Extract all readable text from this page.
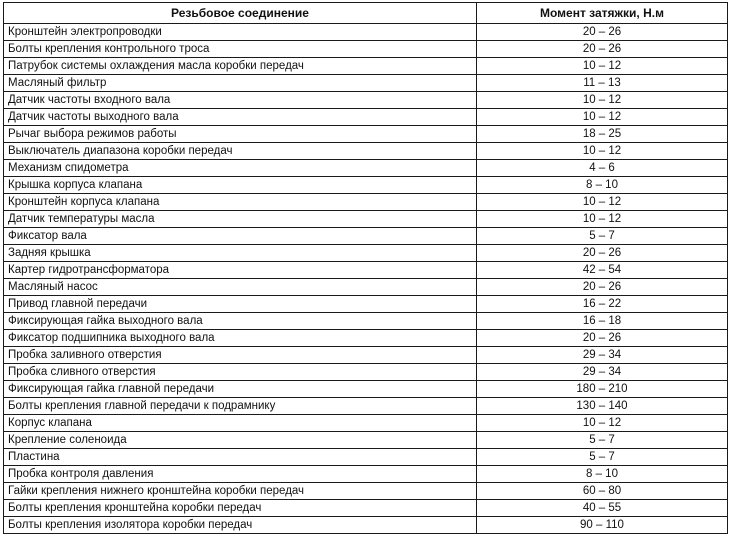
Резьбовое соединение	Момент затяжки, Н.м
Кронштейн электропроводки	20 – 26
Болты крепления контрольного троса	20 – 26
Патрубок системы охлаждения масла коробки передач	10 – 12
Масляный фильтр	11 – 13
Датчик частоты входного вала	10 – 12
Датчик частоты выходного вала	10 – 12
Рычаг выбора режимов работы	18 – 25
Выключатель диапазона коробки передач	10 – 12
Механизм спидометра	4 – 6
Крышка корпуса клапана	8 – 10
Кронштейн корпуса клапана	10 – 12
Датчик температуры масла	10 – 12
Фиксатор вала	5 – 7
Задняя крышка	20 – 26
Картер гидротрансформатора	42 – 54
Масляный насос	20 – 26
Привод главной передачи	16 – 22
Фиксирующая гайка выходного вала	16 – 18
Фиксатор подшипника выходного вала	20 – 26
Пробка заливного отверстия	29 – 34
Пробка сливного отверстия	29 – 34
Фиксирующая гайка главной передачи	180 – 210
Болты крепления главной передачи к подрамнику	130 – 140
Корпус клапана	10 – 12
Крепление соленоида	5 – 7
Пластина	5 – 7
Пробка контроля давления	8 – 10
Гайки крепления нижнего кронштейна коробки передач	60 – 80
Болты крепления кронштейна коробки передач	40 – 55
Болты крепления изолятора коробки передач	90 – 110
